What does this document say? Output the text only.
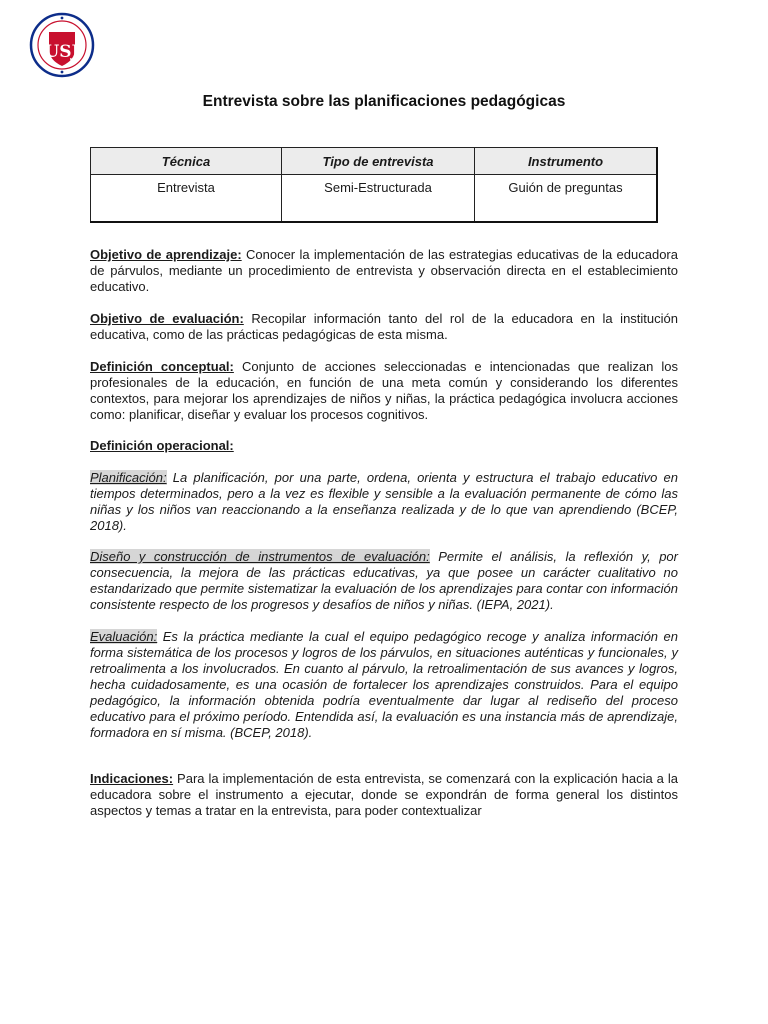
USJ
Entrevista sobre las planificaciones pedagógicas
Técnica	Tipo de entrevista	Instrumento
Entrevista	Semi-Estructurada	Guión de preguntas
Objetivo de aprendizaje: Conocer la implementación de las estrategias educativas de la educadora de párvulos, mediante un procedimiento de entrevista y observación directa en el establecimiento educativo.
Objetivo de evaluación: Recopilar información tanto del rol de la educadora en la institución educativa, como de las prácticas pedagógicas de esta misma.
Definición conceptual: Conjunto de acciones seleccionadas e intencionadas que realizan los profesionales de la educación, en función de una meta común y considerando los diferentes contextos, para mejorar los aprendizajes de niños y niñas, la práctica pedagógica involucra acciones como: planificar, diseñar y evaluar los procesos cognitivos.
Definición operacional:
Planificación: La planificación, por una parte, ordena, orienta y estructura el trabajo educativo en tiempos determinados, pero a la vez es flexible y sensible a la evaluación permanente de cómo las niñas y los niños van reaccionando a la enseñanza realizada y de lo que van aprendiendo (BCEP, 2018).
Diseño y construcción de instrumentos de evaluación: Permite el análisis, la reflexión y, por consecuencia, la mejora de las prácticas educativas, ya que posee un carácter cualitativo no estandarizado que permite sistematizar la evaluación de los aprendizajes para contar con información consistente respecto de los progresos y desafíos de niños y niñas. (IEPA, 2021).
Evaluación: Es la práctica mediante la cual el equipo pedagógico recoge y analiza información en forma sistemática de los procesos y logros de los párvulos, en situaciones auténticas y funcionales, y retroalimenta a los involucrados. En cuanto al párvulo, la retroalimentación de sus avances y logros, hecha cuidadosamente, es una ocasión de fortalecer los aprendizajes construidos. Para el equipo pedagógico, la información obtenida podría eventualmente dar lugar al rediseño del proceso educativo para el próximo período. Entendida así, la evaluación es una instancia más de aprendizaje, formadora en sí misma. (BCEP, 2018).
Indicaciones: Para la implementación de esta entrevista, se comenzará con la explicación hacia a la educadora sobre el instrumento a ejecutar, donde se expondrán de forma general los distintos aspectos y temas a tratar en la entrevista, para poder contextualizar
